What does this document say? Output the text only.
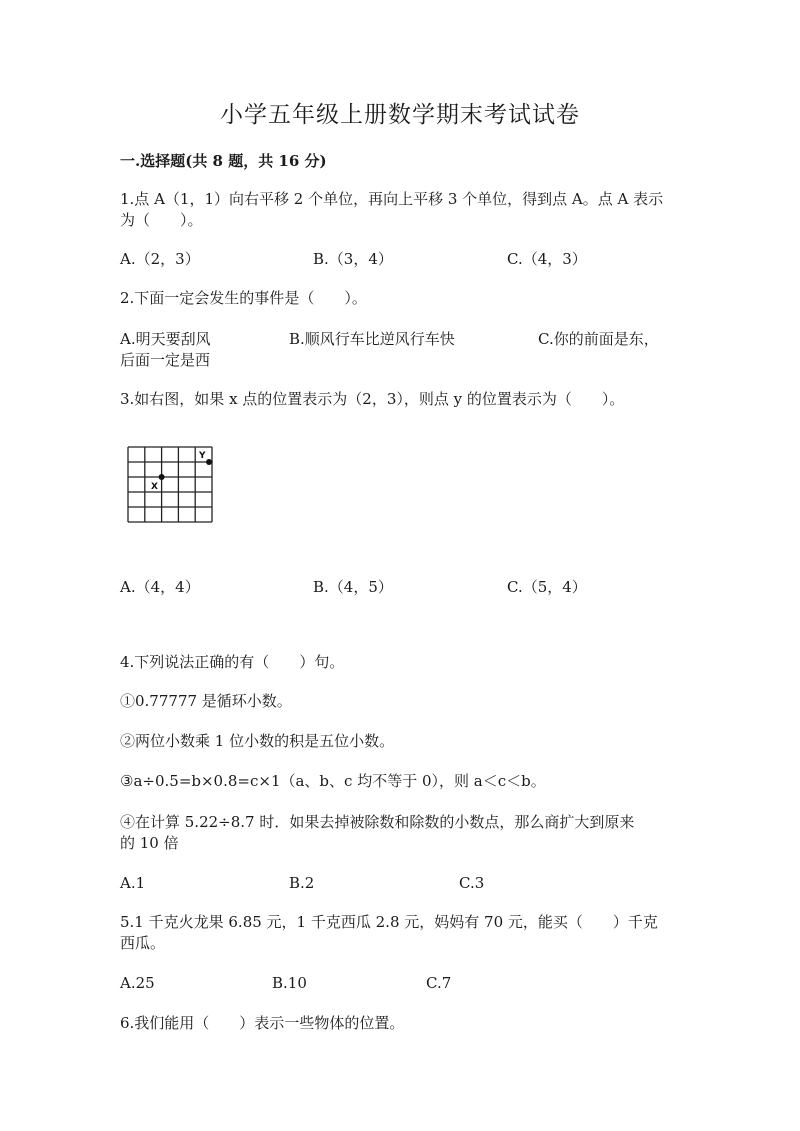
小学五年级上册数学期末考试试卷
一.选择题(共 8 题，共 16 分)
1.点 A（1，1）向右平移 2 个单位，再向上平移 3 个单位，得到点 A。点 A 表示
为（　　）。
A.（2，3）	B.（3，4）	C.（4，3）
2.下面一定会发生的事件是（　　）。
A.明天要刮风	B.顺风行车比逆风行车快	C.你的前面是东，
后面一定是西
3.如右图，如果 x 点的位置表示为（2，3），则点 y 的位置表示为（　　）。
X
Y
A.（4，4）	B.（4，5）	C.（5，4）
4.下列说法正确的有（　　）句。
①0.77777 是循环小数。
②两位小数乘 1 位小数的积是五位小数。
③a÷0.5=b×0.8=c×1（a、b、c 均不等于 0），则 a＜c＜b。
④在计算 5.22÷8.7 时．如果去掉被除数和除数的小数点，那么商扩大到原来
的 10 倍
A.1	B.2	C.3
5.1 千克火龙果 6.85 元，1 千克西瓜 2.8 元，妈妈有 70 元，能买（　　）千克
西瓜。
A.25	B.10	C.7
6.我们能用（　　）表示一些物体的位置。
